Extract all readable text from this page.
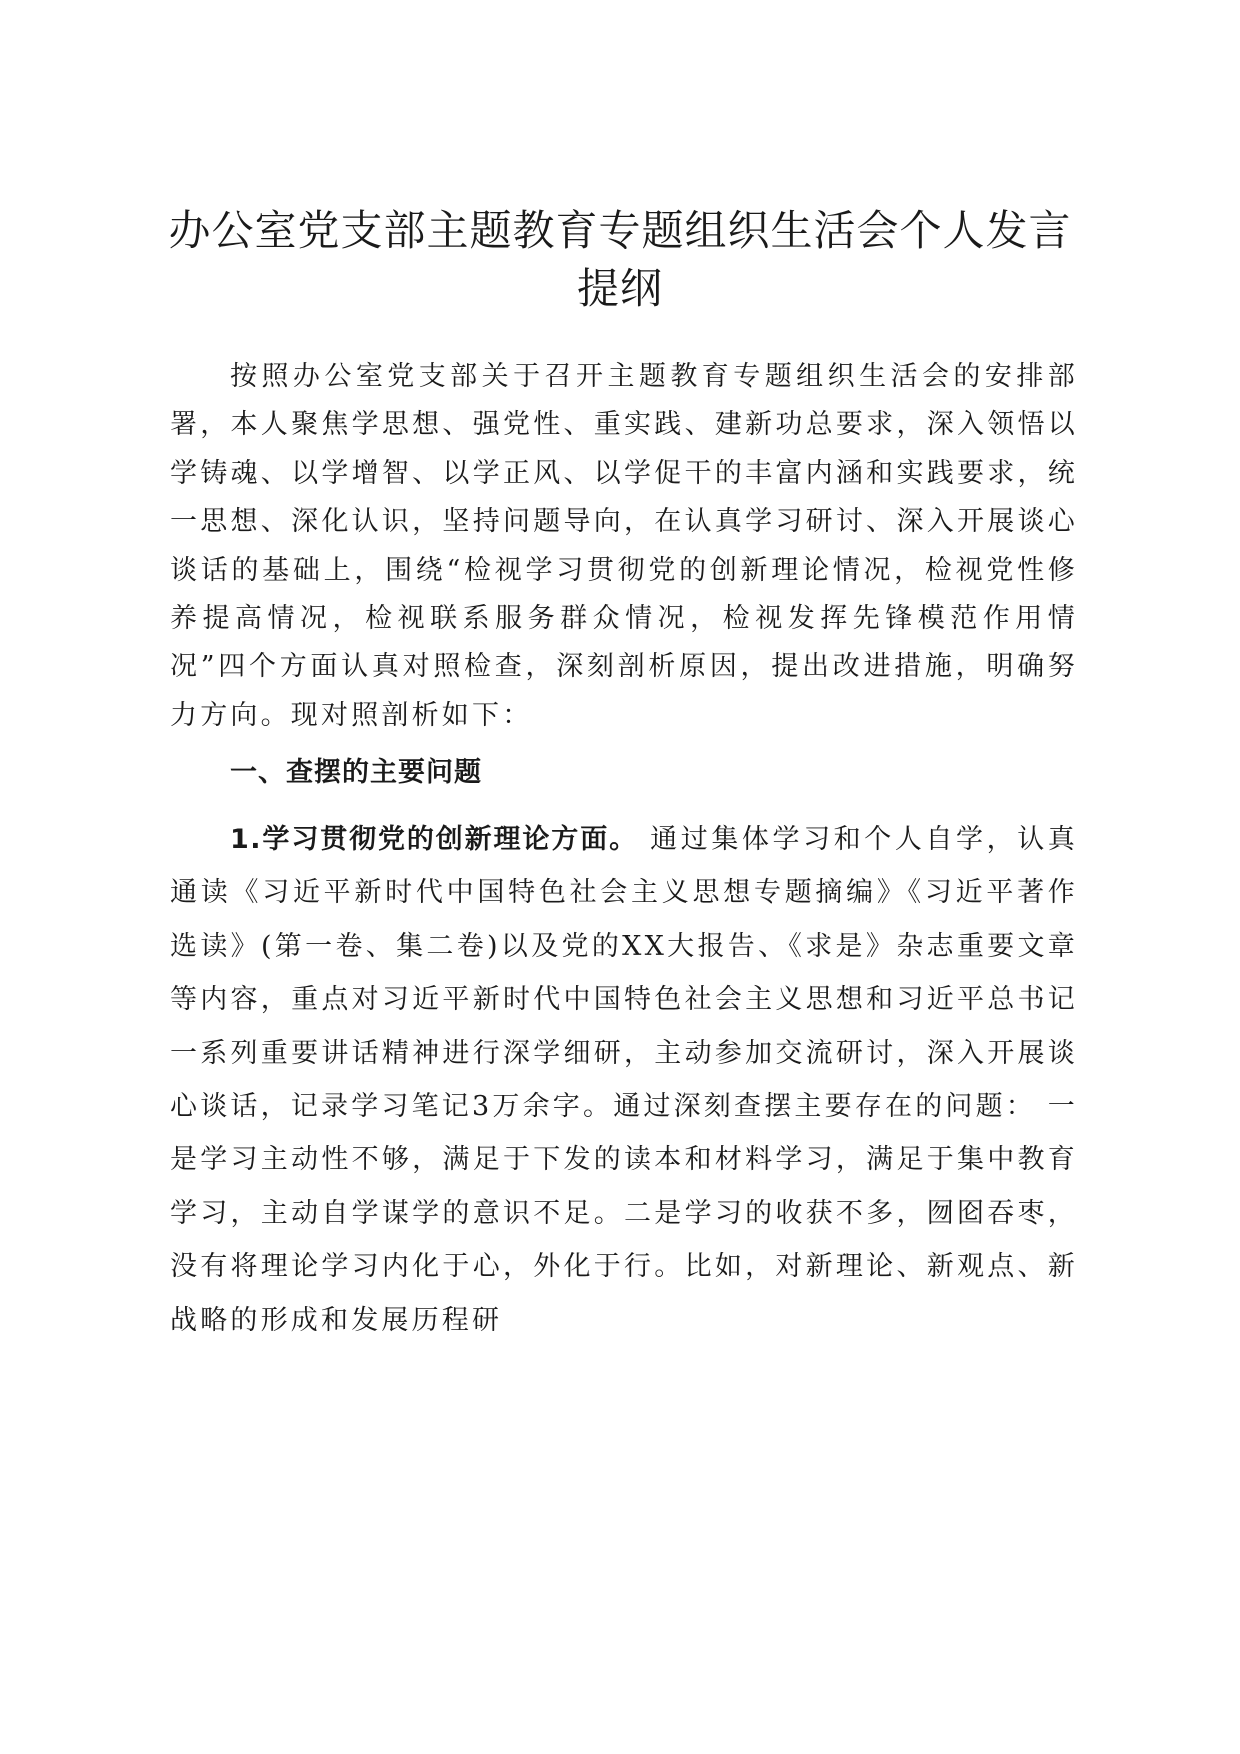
办公室党支部主题教育专题组织生活会个人发言提纲

按照办公室党支部关于召开主题教育专题组织生活会的安排部署，本人聚焦学思想、强党性、重实践、建新功总要求，深入领悟以学铸魂、以学增智、以学正风、以学促干的丰富内涵和实践要求，统一思想、深化认识，坚持问题导向，在认真学习研讨、深入开展谈心谈话的基础上，围绕“检视学习贯彻党的创新理论情况，检视党性修养提高情况，检视联系服务群众情况，检视发挥先锋模范作用情况”四个方面认真对照检查，深刻剖析原因，提出改进措施，明确努力方向。现对照剖析如下：

一、查摆的主要问题

1.学习贯彻党的创新理论方面。 通过集体学习和个人自学，认真通读《习近平新时代中国特色社会主义思想专题摘编》《习近平著作选读》(第一卷、集二卷)以及党的XX大报告、《求是》杂志重要文章等内容，重点对习近平新时代中国特色社会主义思想和习近平总书记一系列重要讲话精神进行深学细研，主动参加交流研讨，深入开展谈心谈话，记录学习笔记3万余字。通过深刻查摆主要存在的问题： 一是学习主动性不够，满足于下发的读本和材料学习，满足于集中教育学习，主动自学谋学的意识不足。二是学习的收获不多，囫囵吞枣，没有将理论学习内化于心，外化于行。比如，对新理论、新观点、新战略的形成和发展历程研
